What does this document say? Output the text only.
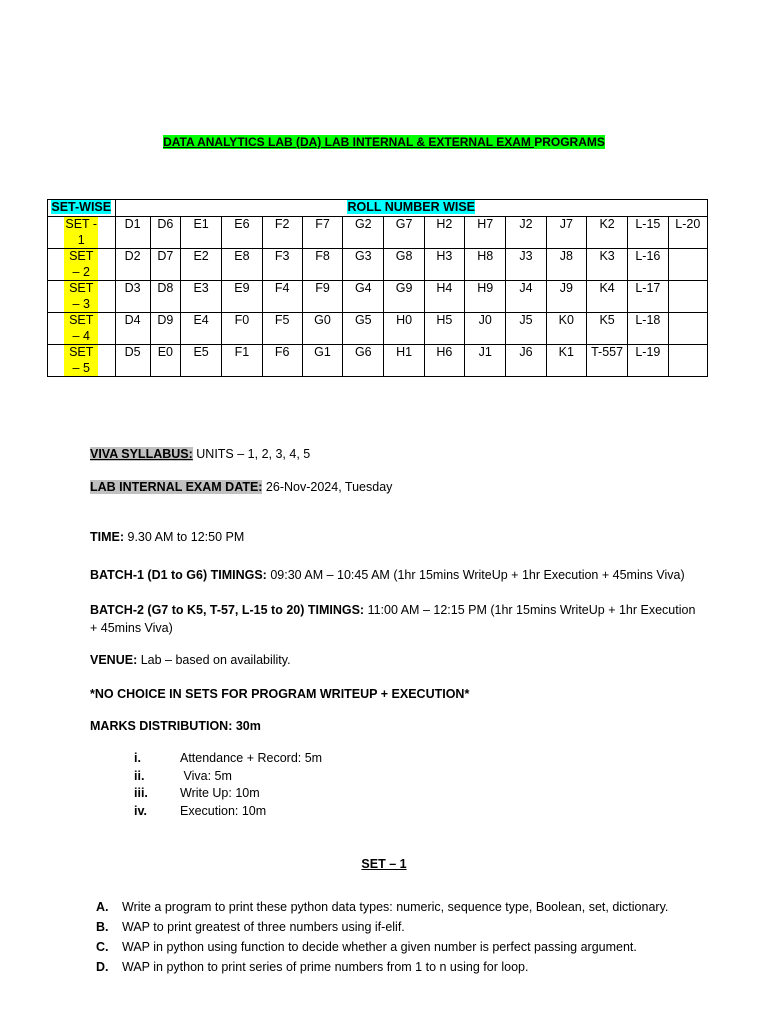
DATA ANALYTICS LAB (DA) LAB INTERNAL & EXTERNAL EXAM PROGRAMS
SET-WISE	ROLL NUMBER WISE														
SET - 1	D1	D6	E1	E6	F2	F7	G2	G7	H2	H7	J2	J7	K2	L-15	L-20
SET – 2	D2	D7	E2	E8	F3	F8	G3	G8	H3	H8	J3	J8	K3	L-16	
SET – 3	D3	D8	E3	E9	F4	F9	G4	G9	H4	H9	J4	J9	K4	L-17	
SET – 4	D4	D9	E4	F0	F5	G0	G5	H0	H5	J0	J5	K0	K5	L-18	
SET – 5	D5	E0	E5	F1	F6	G1	G6	H1	H6	J1	J6	K1	T-557	L-19	
VIVA SYLLABUS: UNITS – 1, 2, 3, 4, 5
LAB INTERNAL EXAM DATE: 26-Nov-2024, Tuesday
TIME: 9.30 AM to 12:50 PM
BATCH-1 (D1 to G6) TIMINGS: 09:30 AM – 10:45 AM (1hr 15mins WriteUp + 1hr Execution + 45mins Viva)
BATCH-2 (G7 to K5, T-57, L-15 to 20) TIMINGS: 11:00 AM – 12:15 PM (1hr 15mins WriteUp + 1hr Execution + 45mins Viva)
VENUE: Lab – based on availability.
*NO CHOICE IN SETS FOR PROGRAM WRITEUP + EXECUTION*
MARKS DISTRIBUTION: 30m
i.	Attendance + Record: 5m
ii.	Viva: 5m
iii.	Write Up: 10m
iv.	Execution: 10m
SET – 1
A.	Write a program to print these python data types: numeric, sequence type, Boolean, set, dictionary.
B.	WAP to print greatest of three numbers using if-elif.
C.	WAP in python using function to decide whether a given number is perfect passing argument.
D.	WAP in python to print series of prime numbers from 1 to n using for loop.
